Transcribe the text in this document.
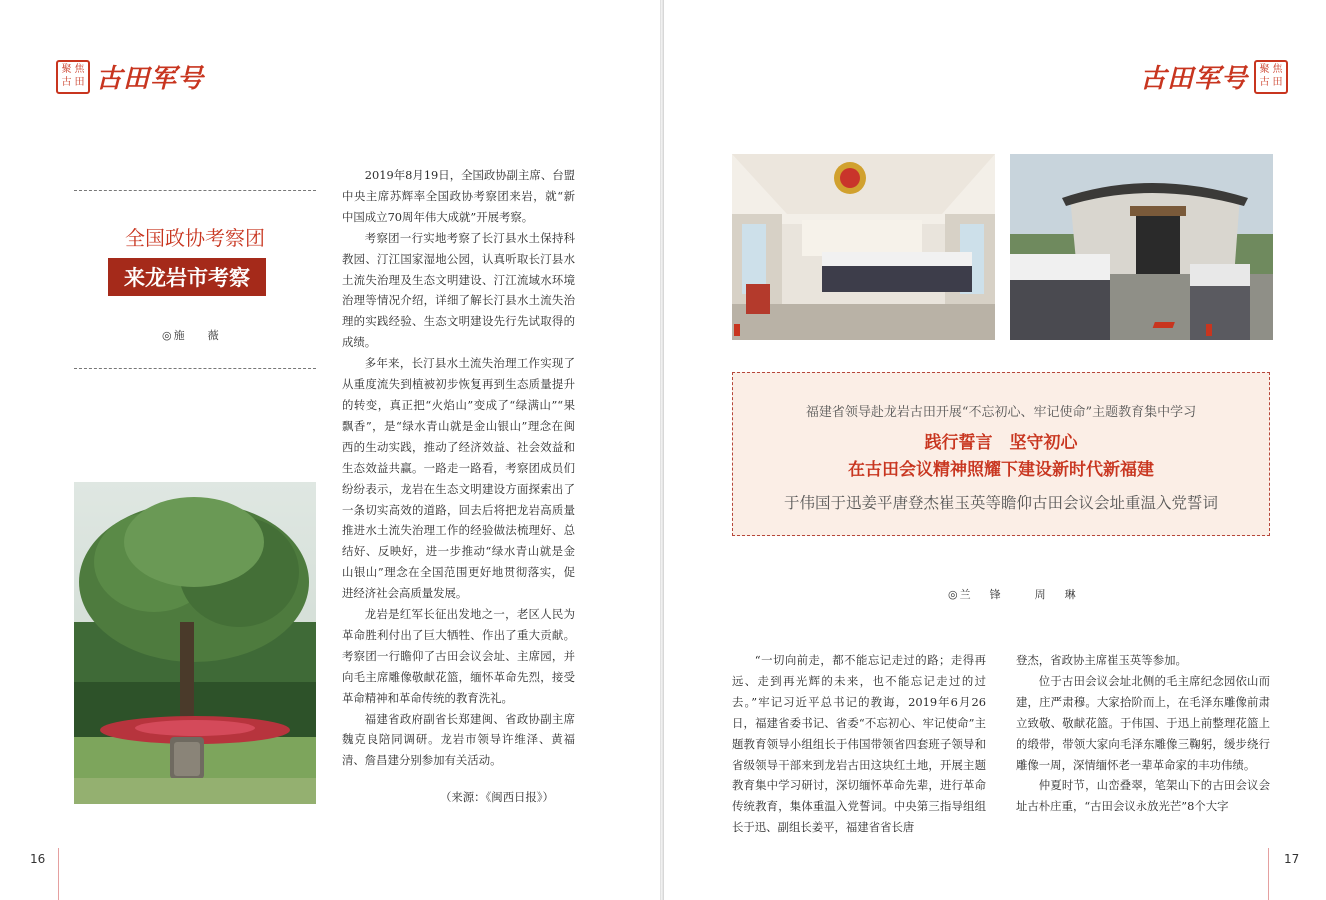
聚 焦
古 田 古田军号
全国政协考察团
来龙岩市考察
◎ 施　薇

2019年8月19日，全国政协副主席、台盟中央主席苏辉率全国政协考察团来岩，就“新中国成立70周年伟大成就”开展考察。

考察团一行实地考察了长汀县水土保持科教园、汀江国家湿地公园，认真听取长汀县水土流失治理及生态文明建设、汀江流域水环境治理等情况介绍，详细了解长汀县水土流失治理的实践经验、生态文明建设先行先试取得的成绩。

多年来，长汀县水土流失治理工作实现了从重度流失到植被初步恢复再到生态质量提升的转变，真正把“火焰山”变成了“绿满山”“果飘香”，是“绿水青山就是金山银山”理念在闽西的生动实践，推动了经济效益、社会效益和生态效益共赢。一路走一路看，考察团成员们纷纷表示，龙岩在生态文明建设方面探索出了一条切实高效的道路，回去后将把龙岩高质量推进水土流失治理工作的经验做法梳理好、总结好、反映好，进一步推动“绿水青山就是金山银山”理念在全国范围更好地贯彻落实，促进经济社会高质量发展。

龙岩是红军长征出发地之一，老区人民为革命胜利付出了巨大牺牲、作出了重大贡献。考察团一行瞻仰了古田会议会址、主席园，并向毛主席雕像敬献花篮，缅怀革命先烈，接受革命精神和革命传统的教育洗礼。

福建省政府副省长郑建闽、省政协副主席魏克良陪同调研。龙岩市领导许维泽、黄福清、詹昌建分别参加有关活动。

（来源：《闽西日报》）
16
古田军号 聚 焦
古 田
福建省领导赴龙岩古田开展“不忘初心、牢记使命”主题教育集中学习
践行誓言　坚守初心
在古田会议精神照耀下建设新时代新福建
于伟国于迅姜平唐登杰崔玉英等瞻仰古田会议会址重温入党誓词
◎ 兰　锋　　周　琳

“一切向前走，都不能忘记走过的路；走得再远、走到再光辉的未来，也不能忘记走过的过去。”牢记习近平总书记的教诲，2019年6月26日，福建省委书记、省委“不忘初心、牢记使命”主题教育领导小组组长于伟国带领省四套班子领导和省级领导干部来到龙岩古田这块红土地，开展主题教育集中学习研讨，深切缅怀革命先辈，进行革命传统教育，集体重温入党誓词。中央第三指导组组长于迅、副组长姜平，福建省省长唐

登杰，省政协主席崔玉英等参加。

位于古田会议会址北侧的毛主席纪念园依山而建，庄严肃穆。大家拾阶而上，在毛泽东雕像前肃立致敬、敬献花篮。于伟国、于迅上前整理花篮上的缎带，带领大家向毛泽东雕像三鞠躬，缓步绕行雕像一周，深情缅怀老一辈革命家的丰功伟绩。

仲夏时节，山峦叠翠，笔架山下的古田会议会址古朴庄重，“古田会议永放光芒”8个大字

17
